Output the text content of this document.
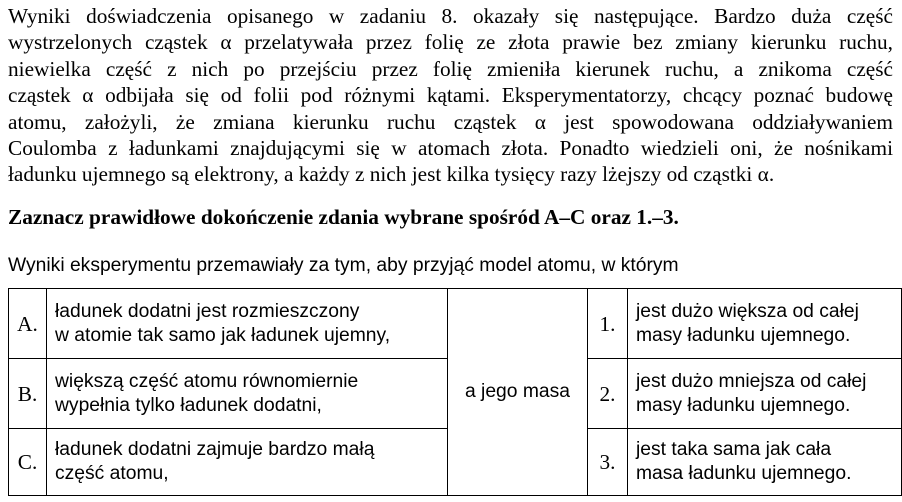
Wyniki doświadczenia opisanego w zadaniu 8. okazały się następujące. Bardzo duża część
wystrzelonych cząstek α przelatywała przez folię ze złota prawie bez zmiany kierunku ruchu,
niewielka część z nich po przejściu przez folię zmieniła kierunek ruchu, a znikoma część
cząstek α odbijała się od folii pod różnymi kątami. Eksperymentatorzy, chcący poznać budowę
atomu, założyli, że zmiana kierunku ruchu cząstek α jest spowodowana oddziaływaniem
Coulomba z ładunkami znajdującymi się w atomach złota. Ponadto wiedzieli oni, że nośnikami
ładunku ujemnego są elektrony, a każdy z nich jest kilka tysięcy razy lżejszy od cząstki α.
Zaznacz prawidłowe dokończenie zdania wybrane spośród A–C oraz 1.–3.
Wyniki eksperymentu przemawiały za tym, aby przyjąć model atomu, w którym
A.	ładunek dodatni jest rozmieszczony
w atomie tak samo jak ładunek ujemny,	a jego masa	1.	jest dużo większa od całej
masy ładunku ujemnego.

B.	większą część atomu równomiernie
wypełnia tylko ładunek dodatni,		2.	jest dużo mniejsza od całej
masy ładunku ujemnego.

C.	ładunek dodatni zajmuje bardzo małą
część atomu,		3.	jest taka sama jak cała
masa ładunku ujemnego.
